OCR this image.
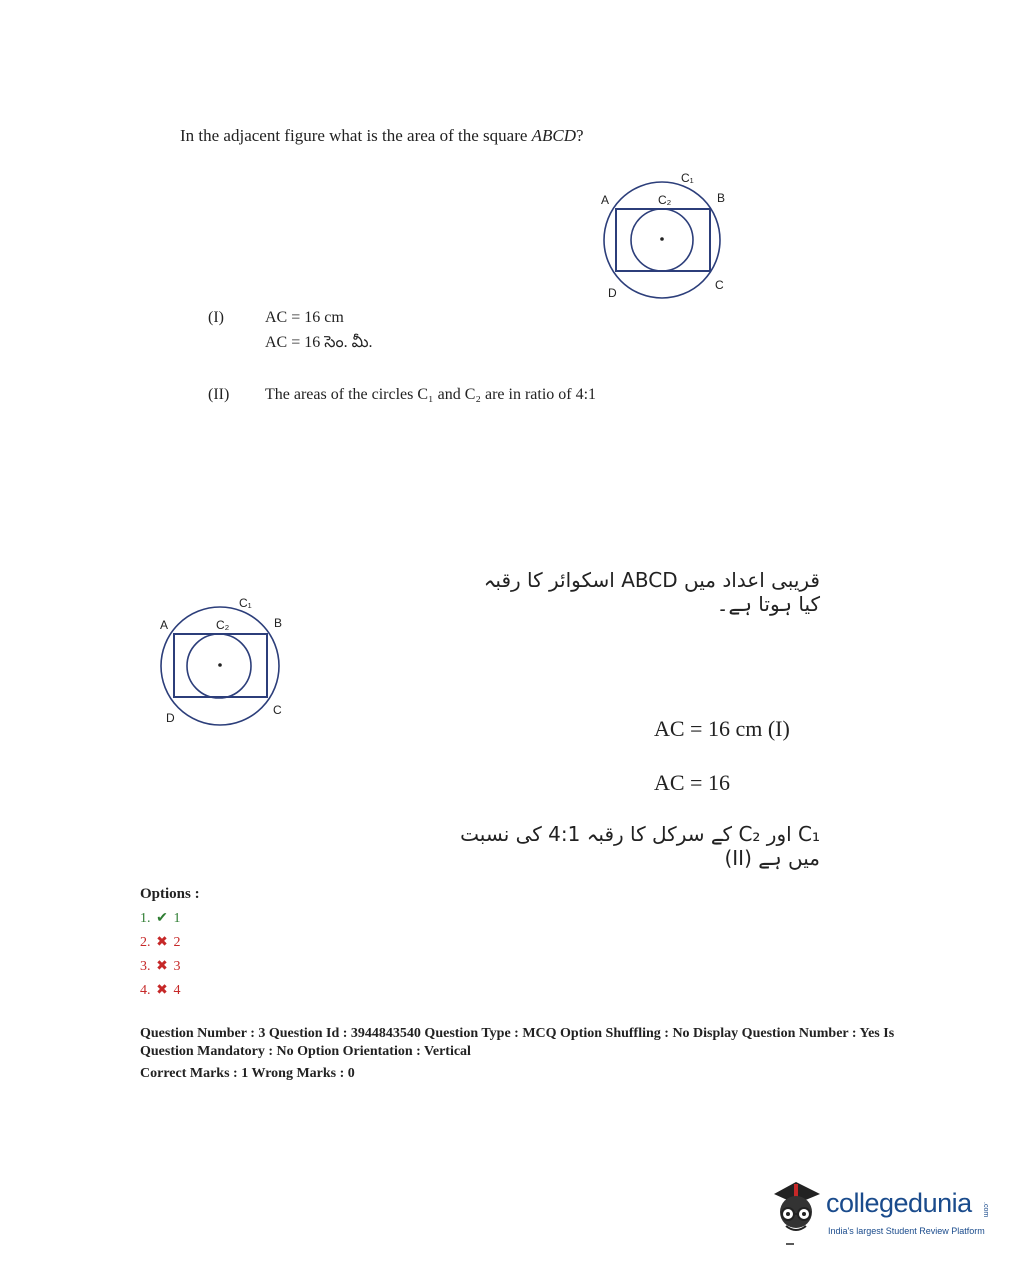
In the adjacent figure what is the area of the square ABCD?
A	B
C
D
C₁
C₂
(I)	AC = 16 cm
AC = 16 సెం. మీ.
(II) The areas of the circles C₁ and C₂ are in ratio of 4:1
قریبی اعداد میں ABCD اسکوائر کا رقبہ کیا ہوتا ہے۔
A	B
C
D
C₁
C₂
AC = 16 cm (I)
AC = 16
C₁ اور C₂ کے سرکل کا رقبہ 4:1 کی نسبت میں ہے (II)
Options :
1. ✔ 1
2. ✖ 2
3. ✖ 3
4. ✖ 4
Question Number : 3 Question Id : 3944843540 Question Type : MCQ Option Shuffling : No Display Question Number : Yes Is Question Mandatory : No Option Orientation : Vertical
Correct Marks : 1 Wrong Marks : 0
collegedunia .com
India's largest Student Review Platform
